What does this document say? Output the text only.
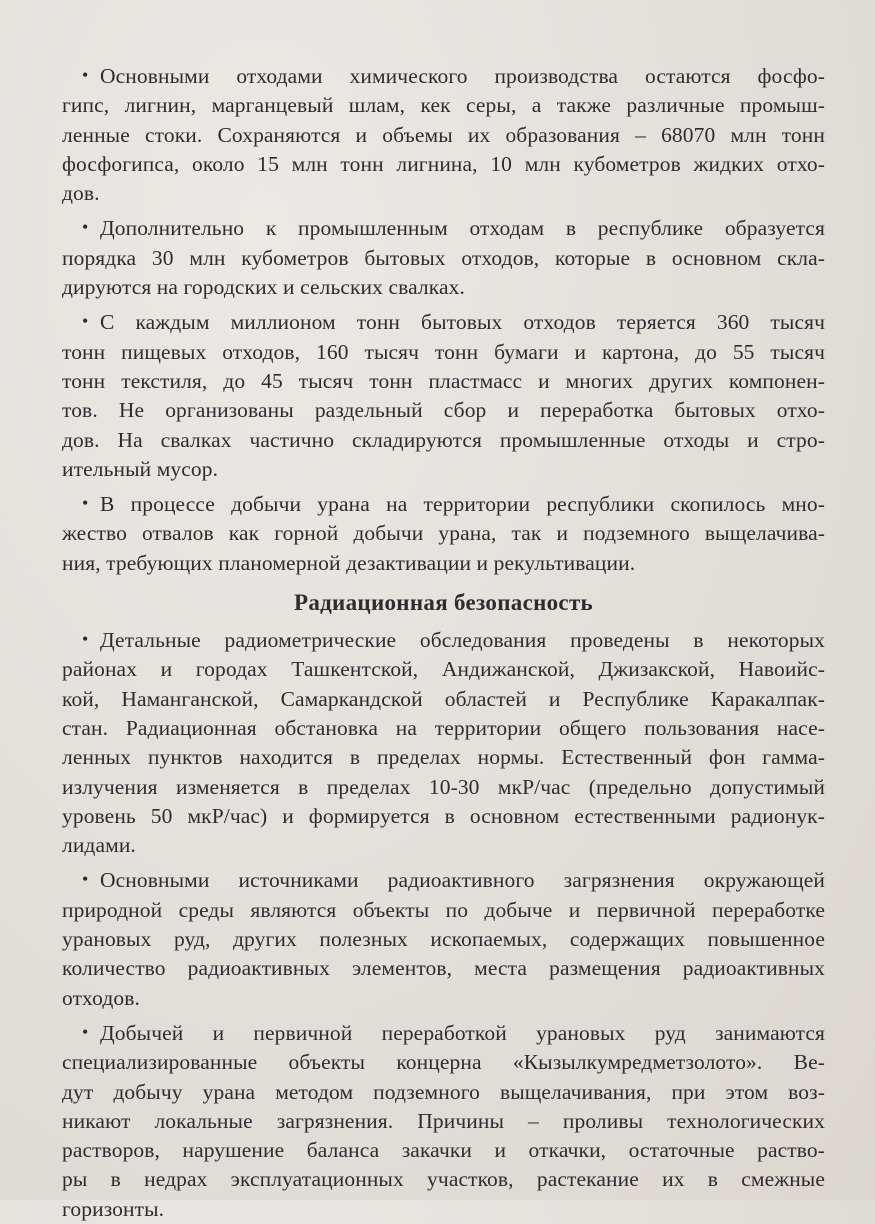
• Основными отходами химического производства остаются фосфо-
гипс, лигнин, марганцевый шлам, кек серы, а также различные промыш-
ленные стоки. Сохраняются и объемы их образования – 68070 млн тонн
фосфогипса, около 15 млн тонн лигнина, 10 млн кубометров жидких отхо-
дов.
• Дополнительно к промышленным отходам в республике образуется
порядка 30 млн кубометров бытовых отходов, которые в основном скла-
дируются на городских и сельских свалках.
• С каждым миллионом тонн бытовых отходов теряется 360 тысяч
тонн пищевых отходов, 160 тысяч тонн бумаги и картона, до 55 тысяч
тонн текстиля, до 45 тысяч тонн пластмасс и многих других компонен-
тов. Не организованы раздельный сбор и переработка бытовых отхо-
дов. На свалках частично складируются промышленные отходы и стро-
ительный мусор.
• В процессе добычи урана на территории республики скопилось мно-
жество отвалов как горной добычи урана, так и подземного выщелачива-
ния, требующих планомерной дезактивации и рекультивации.
Радиационная безопасность
• Детальные радиометрические обследования проведены в некоторых
районах и городах Ташкентской, Андижанской, Джизакской, Навоийс-
кой, Наманганской, Самаркандской областей и Республике Каракалпак-
стан. Радиационная обстановка на территории общего пользования насе-
ленных пунктов находится в пределах нормы. Естественный фон гамма-
излучения изменяется в пределах 10-30 мкР/час (предельно допустимый
уровень 50 мкР/час) и формируется в основном естественными радионук-
лидами.
• Основными источниками радиоактивного загрязнения окружающей
природной среды являются объекты по добыче и первичной переработке
урановых руд, других полезных ископаемых, содержащих повышенное
количество радиоактивных элементов, места размещения радиоактивных
отходов.
• Добычей и первичной переработкой урановых руд занимаются
специализированные объекты концерна «Кызылкумредметзолото». Ве-
дут добычу урана методом подземного выщелачивания, при этом воз-
никают локальные загрязнения. Причины – проливы технологических
растворов, нарушение баланса закачки и откачки, остаточные раство-
ры в недрах эксплуатационных участков, растекание их в смежные
горизонты.
